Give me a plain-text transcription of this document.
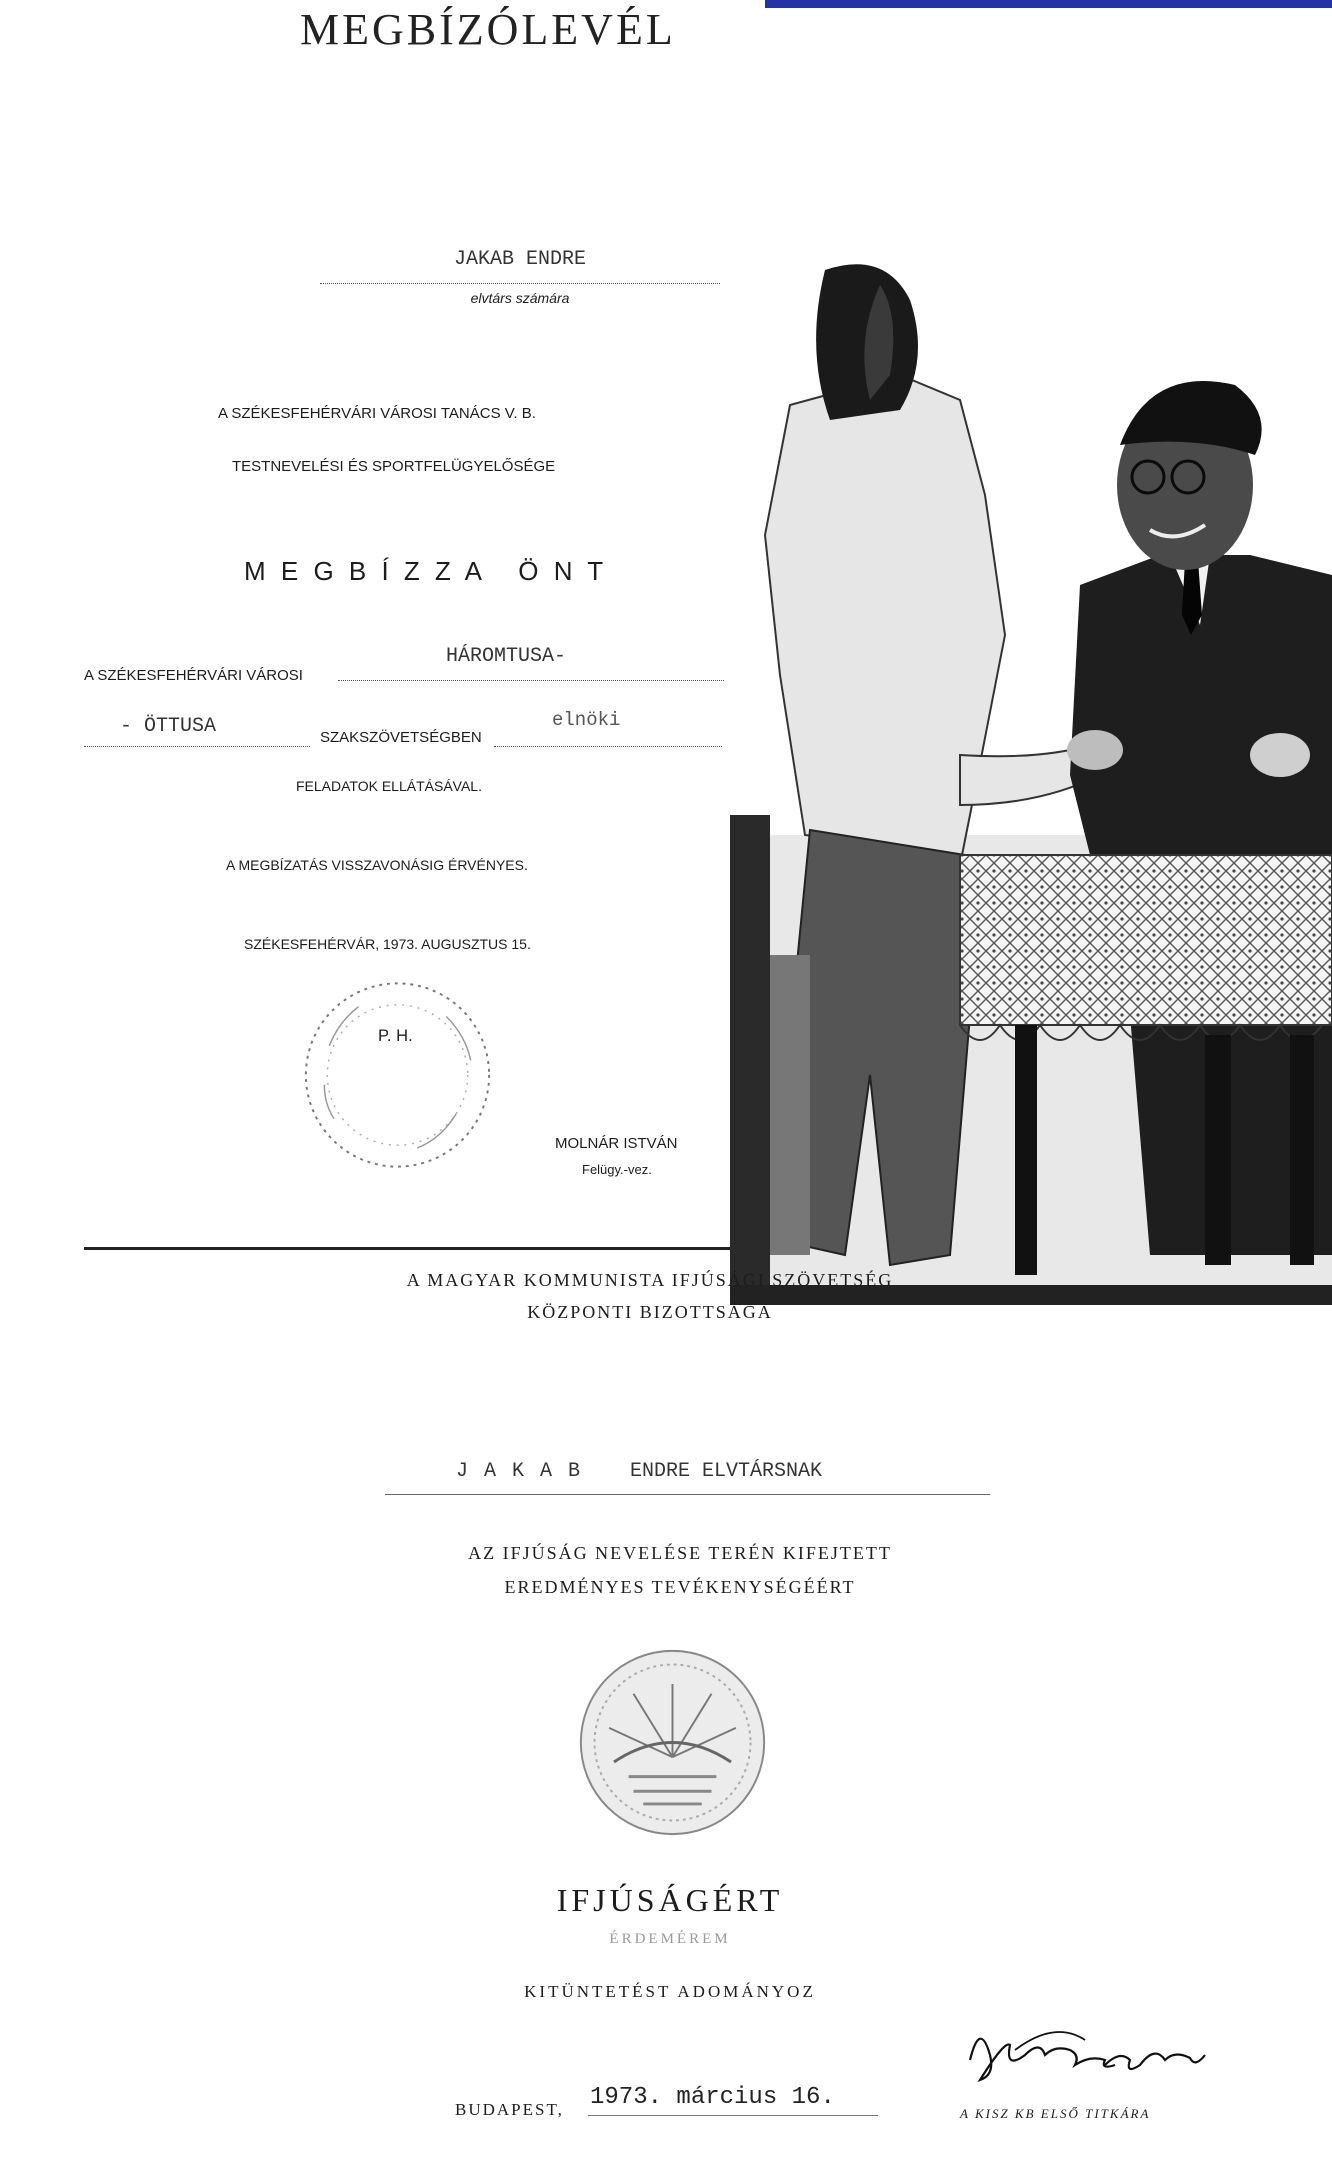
MEGBÍZÓLEVÉL
JAKAB ENDRE
elvtárs számára
A SZÉKESFEHÉRVÁRI VÁROSI TANÁCS V. B.
TESTNEVELÉSI ÉS SPORTFELÜGYELŐSÉGE
M E G B Í Z Z A   Ö N T
A SZÉKESFEHÉRVÁRI VÁROSI
HÁROMTUSA-
- ÖTTUSA	SZAKSZÖVETSÉGBEN
elnöki
FELADATOK ELLÁTÁSÁVAL.
A MEGBÍZATÁS VISSZAVONÁSIG ÉRVÉNYES.
SZÉKESFEHÉRVÁR, 1973. AUGUSZTUS 15.
P. H.
MOLNÁR ISTVÁN
Felügy.-vez.
A MAGYAR KOMMUNISTA IFJÚSÁGI SZÖVETSÉG
KÖZPONTI BIZOTTSÁGA
J A K A B ENDRE ELVTÁRSNAK
AZ IFJÚSÁG NEVELÉSE TERÉN KIFEJTETT
EREDMÉNYES TEVÉKENYSÉGÉÉRT
IFJÚSÁGÉRT
ÉRDEMÉREM
KITÜNTETÉST ADOMÁNYOZ
BUDAPEST, 1973. március 16.
A KISZ KB ELSŐ TITKÁRA
